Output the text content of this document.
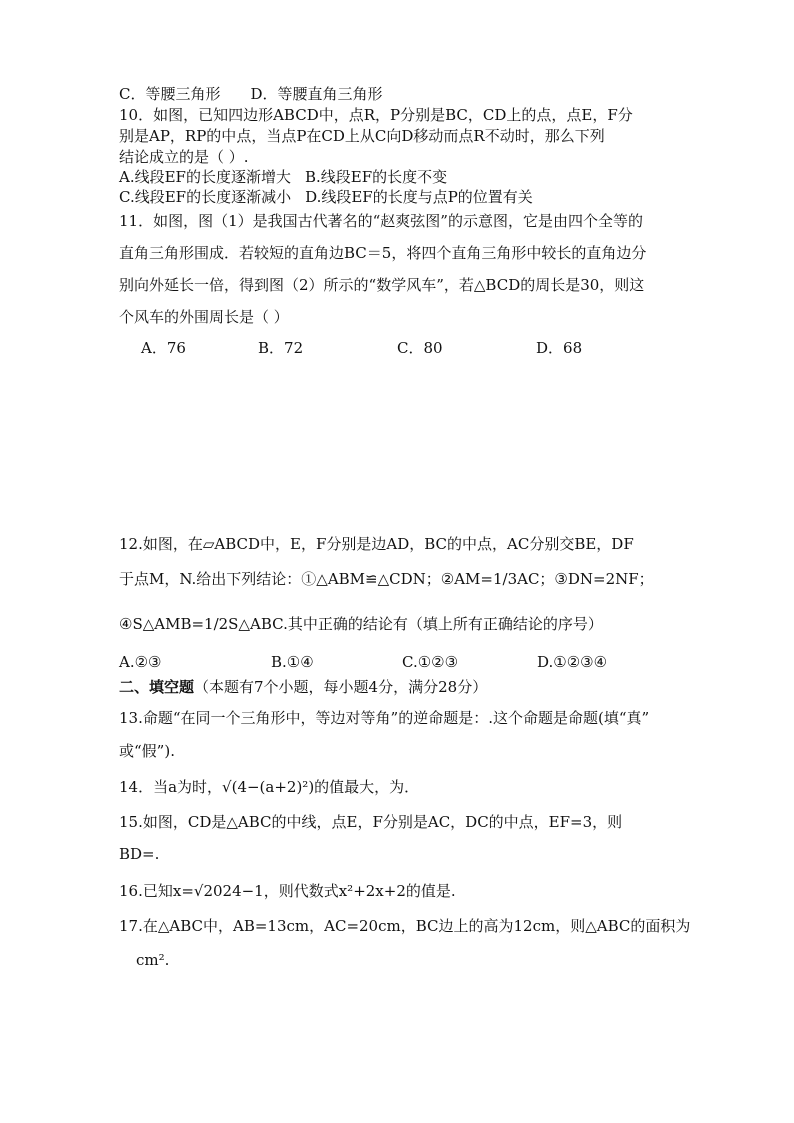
C．等腰三角形 D．等腰直角三角形
10．如图，已知四边形ABCD中，点R，P分别是BC，CD上的点，点E，F分
别是AP，RP的中点，当点P在CD上从C向D移动而点R不动时，那么下列
结论成立的是（ ）.
A.线段EF的长度逐渐增大 B.线段EF的长度不变
C.线段EF的长度逐渐减小 D.线段EF的长度与点P的位置有关
11．如图，图（1）是我国古代著名的“赵爽弦图”的示意图，它是由四个全等的
直角三角形围成．若较短的直角边BC＝5，将四个直角三角形中较长的直角边分
别向外延长一倍，得到图（2）所示的“数学风车”，若△BCD的周长是30，则这
个风车的外围周长是（ ）
A．76	B．72	C．80	D．68
12.如图，在▱ABCD中，E，F分别是边AD，BC的中点，AC分别交BE，DF
于点M，N.给出下列结论：①△ABM≌△CDN；②AM=1/3AC；③DN=2NF；
④S△AMB=1/2S△ABC.其中正确的结论有（填上所有正确结论的序号）
A.②③	B.①④	C.①②③	D.①②③④
二、填空题（本题有7个小题，每小题4分，满分28分）
13.命题“在同一个三角形中，等边对等角”的逆命题是：.这个命题是命题(填“真”
或“假”).
14．当a为时，√(4−(a+2)²)的值最大，为．
15.如图，CD是△ABC的中线，点E，F分别是AC，DC的中点，EF=3，则
BD=.
16.已知x=√2024−1，则代数式x²+2x+2的值是.
17.在△ABC中，AB=13cm，AC=20cm，BC边上的高为12cm，则△ABC的面积为
cm².
